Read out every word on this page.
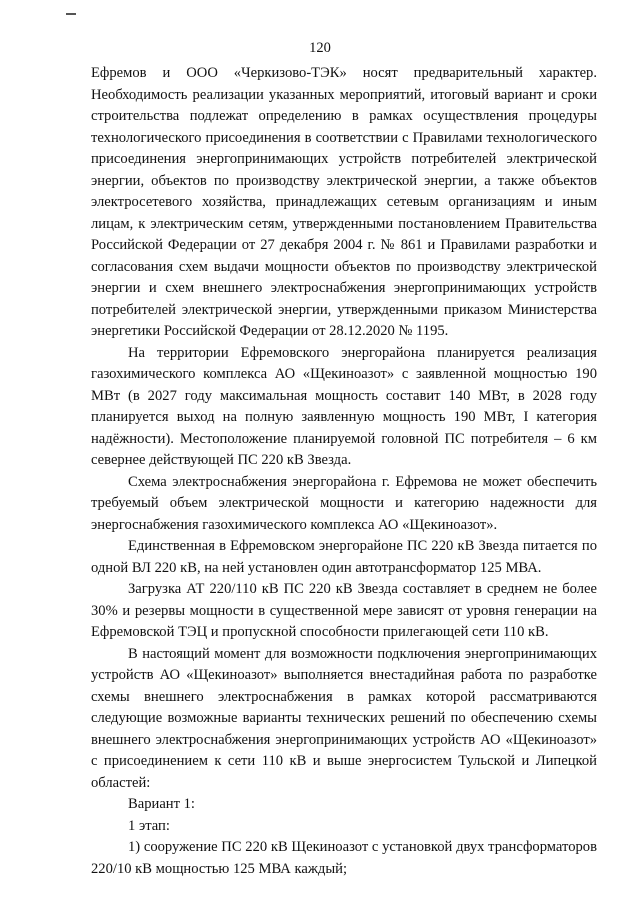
120

Ефремов и ООО «Черкизово-ТЭК» носят предварительный характер. Необходимость реализации указанных мероприятий, итоговый вариант и сроки строительства подлежат определению в рамках осуществления процедуры технологического присоединения в соответствии с Правилами технологического присоединения энергопринимающих устройств потребителей электрической энергии, объектов по производству электрической энергии, а также объектов электросетевого хозяйства, принадлежащих сетевым организациям и иным лицам, к электрическим сетям, утвержденными постановлением Правительства Российской Федерации от 27 декабря 2004 г. № 861 и Правилами разработки и согласования схем выдачи мощности объектов по производству электрической энергии и схем внешнего электроснабжения энергопринимающих устройств потребителей электрической энергии, утвержденными приказом Министерства энергетики Российской Федерации от 28.12.2020 № 1195.

На территории Ефремовского энергорайона планируется реализация газохимического комплекса АО «Щекиноазот» с заявленной мощностью 190 МВт (в 2027 году максимальная мощность составит 140 МВт, в 2028 году планируется выход на полную заявленную мощность 190 МВт, I категория надёжности). Местоположение планируемой головной ПС потребителя – 6 км севернее действующей ПС 220 кВ Звезда.

Схема электроснабжения энергорайона г. Ефремова не может обеспечить требуемый объем электрической мощности и категорию надежности для энергоснабжения газохимического комплекса АО «Щекиноазот».

Единственная в Ефремовском энергорайоне ПС 220 кВ Звезда питается по одной ВЛ 220 кВ, на ней установлен один автотрансформатор 125 МВА.

Загрузка АТ 220/110 кВ ПС 220 кВ Звезда составляет в среднем не более 30% и резервы мощности в существенной мере зависят от уровня генерации на Ефремовской ТЭЦ и пропускной способности прилегающей сети 110 кВ.

В настоящий момент для возможности подключения энергопринимающих устройств АО «Щекиноазот» выполняется внестадийная работа по разработке схемы внешнего электроснабжения в рамках которой рассматриваются следующие возможные варианты технических решений по обеспечению схемы внешнего электроснабжения энергопринимающих устройств АО «Щекиноазот» с присоединением к сети 110 кВ и выше энергосистем Тульской и Липецкой областей:

Вариант 1:

1 этап:

1) сооружение ПС 220 кВ Щекиноазот с установкой двух трансформаторов 220/10 кВ мощностью 125 МВА каждый;
